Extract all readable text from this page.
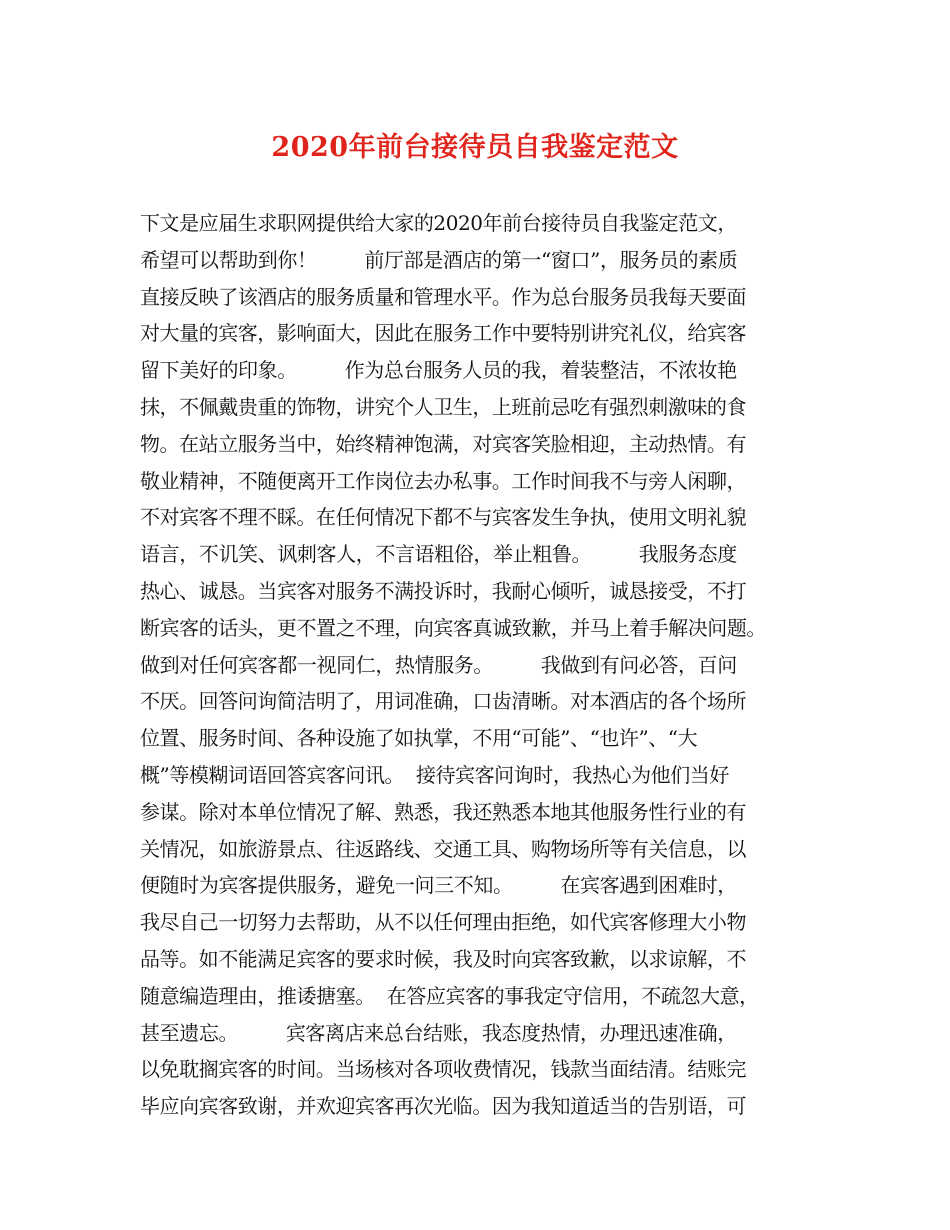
2020年前台接待员自我鉴定范文
下文是应届生求职网提供给大家的2020年前台接待员自我鉴定范文，
希望可以帮助到你！        前厅部是酒店的第一“窗口”，服务员的素质
直接反映了该酒店的服务质量和管理水平。作为总台服务员我每天要面
对大量的宾客，影响面大，因此在服务工作中要特别讲究礼仪，给宾客
留下美好的印象。        作为总台服务人员的我，着装整洁，不浓妆艳
抹，不佩戴贵重的饰物，讲究个人卫生，上班前忌吃有强烈刺激味的食
物。在站立服务当中，始终精神饱满，对宾客笑脸相迎，主动热情。有
敬业精神，不随便离开工作岗位去办私事。工作时间我不与旁人闲聊，
不对宾客不理不睬。在任何情况下都不与宾客发生争执，使用文明礼貌
语言，不讥笑、讽刺客人，不言语粗俗，举止粗鲁。        我服务态度
热心、诚恳。当宾客对服务不满投诉时，我耐心倾听，诚恳接受，不打
断宾客的话头，更不置之不理，向宾客真诚致歉，并马上着手解决问题。
做到对任何宾客都一视同仁，热情服务。        我做到有问必答，百问
不厌。回答问询简洁明了，用词准确，口齿清晰。对本酒店的各个场所
位置、服务时间、各种设施了如执掌，不用“可能”、“也许”、“大
概”等模糊词语回答宾客问讯。  接待宾客问询时，我热心为他们当好
参谋。除对本单位情况了解、熟悉，我还熟悉本地其他服务性行业的有
关情况，如旅游景点、往返路线、交通工具、购物场所等有关信息，以
便随时为宾客提供服务，避免一问三不知。        在宾客遇到困难时，
我尽自己一切努力去帮助，从不以任何理由拒绝，如代宾客修理大小物
品等。如不能满足宾客的要求时候，我及时向宾客致歉，以求谅解，不
随意编造理由，推诿搪塞。  在答应宾客的事我定守信用，不疏忽大意，
甚至遗忘。        宾客离店来总台结账，我态度热情，办理迅速准确，
以免耽搁宾客的时间。当场核对各项收费情况，钱款当面结清。结账完
毕应向宾客致谢，并欢迎宾客再次光临。因为我知道适当的告别语，可
